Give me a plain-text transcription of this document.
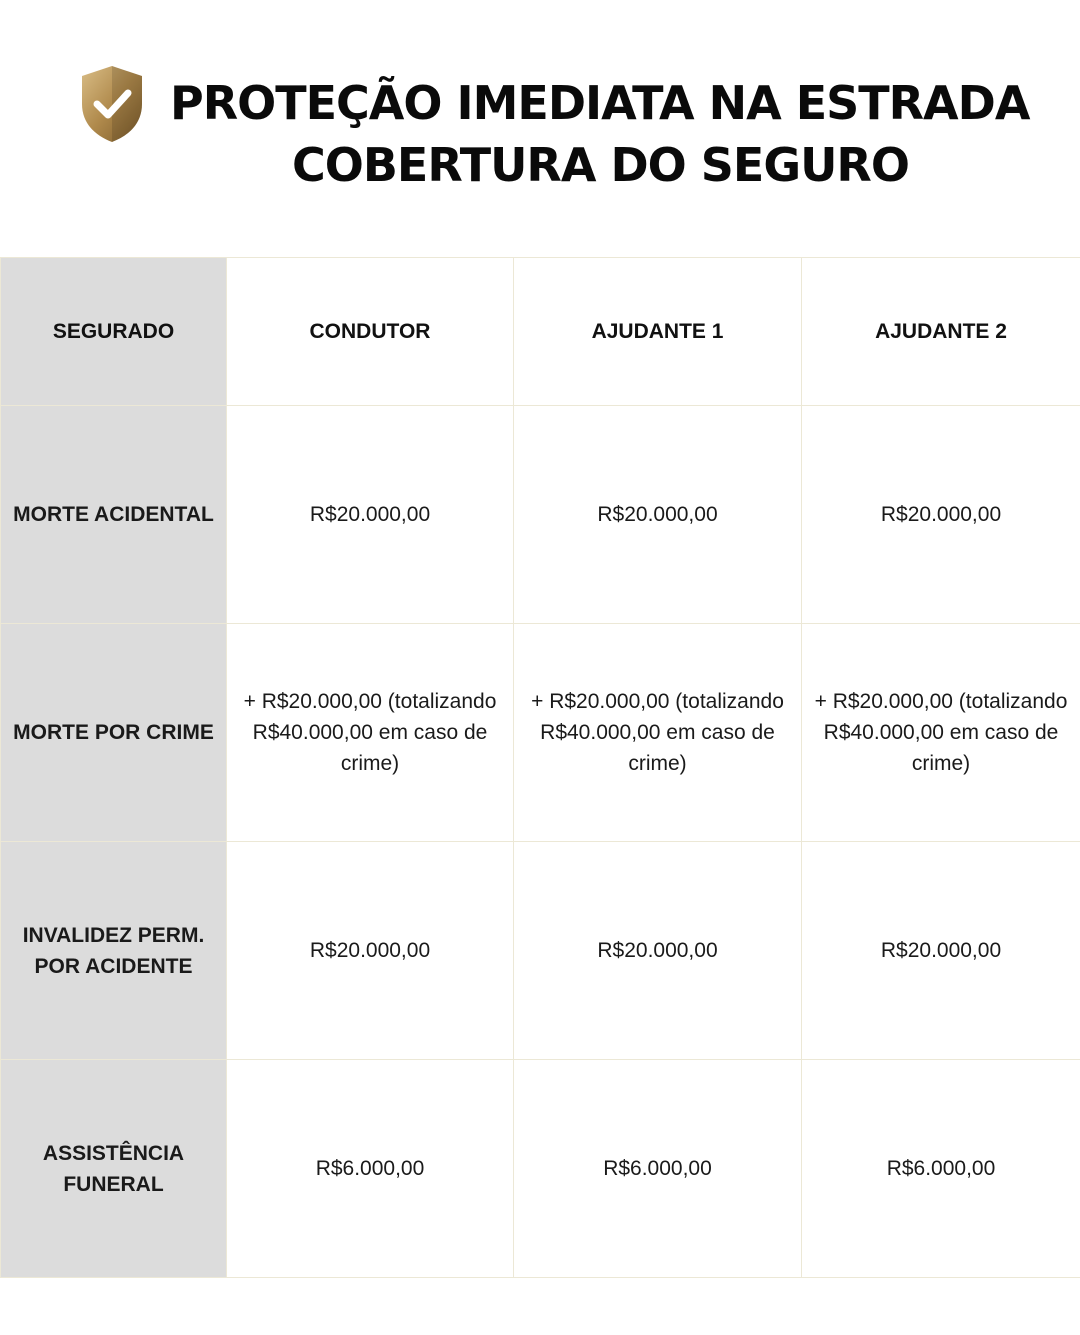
PROTEÇÃO IMEDIATA NA ESTRADA
COBERTURA DO SEGURO
SEGURADO	CONDUTOR	AJUDANTE 1	AJUDANTE 2
MORTE ACIDENTAL	R$20.000,00	R$20.000,00	R$20.000,00
MORTE POR CRIME	+ R$20.000,00 (totalizando R$40.000,00 em caso de crime)	+ R$20.000,00 (totalizando R$40.000,00 em caso de crime)	+ R$20.000,00 (totalizando R$40.000,00 em caso de crime)
INVALIDEZ PERM. POR ACIDENTE	R$20.000,00	R$20.000,00	R$20.000,00
ASSISTÊNCIA FUNERAL	R$6.000,00	R$6.000,00	R$6.000,00
